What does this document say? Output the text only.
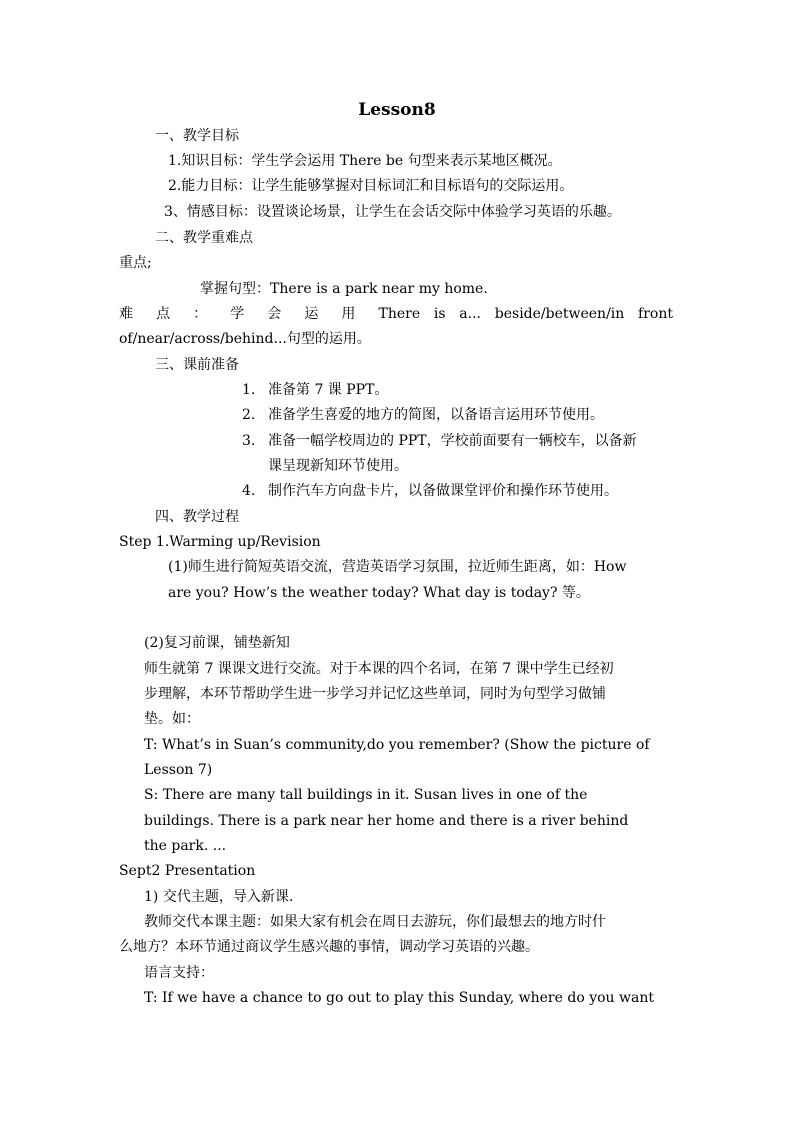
Lesson8
一、教学目标
1.知识目标：学生学会运用 There be 句型来表示某地区概况。
2.能力目标：让学生能够掌握对目标词汇和目标语句的交际运用。
3、情感目标：设置谈论场景，让学生在会话交际中体验学习英语的乐趣。
二、教学重难点
重点;
掌握句型：There is a park near my home.
难 点 ： 学 会 运 用 There is a... beside/between/in front
of/near/across/behind...句型的运用。
三、课前准备
1. 准备第 7 课 PPT。
2. 准备学生喜爱的地方的简图，以备语言运用环节使用。
3. 准备一幅学校周边的 PPT，学校前面要有一辆校车，以备新
课呈现新知环节使用。
4. 制作汽车方向盘卡片，以备做课堂评价和操作环节使用。
四、教学过程
Step 1.Warming up/Revision
(1)师生进行简短英语交流，营造英语学习氛围，拉近师生距离，如：How
are you? How’s the weather today? What day is today? 等。
(2)复习前课，铺垫新知
师生就第 7 课课文进行交流。对于本课的四个名词，在第 7 课中学生已经初
步理解，本环节帮助学生进一步学习并记忆这些单词，同时为句型学习做铺
垫。如：
T: What’s in Suan’s community,do you remember? (Show the picture of
Lesson 7)
S: There are many tall buildings in it. Susan lives in one of the
buildings. There is a park near her home and there is a river behind
the park. ...
Sept2 Presentation
1) 交代主题，导入新课.
教师交代本课主题：如果大家有机会在周日去游玩，你们最想去的地方时什
么地方？本环节通过商议学生感兴趣的事情，调动学习英语的兴趣。
语言支持：
T: If we have a chance to go out to play this Sunday, where do you want
